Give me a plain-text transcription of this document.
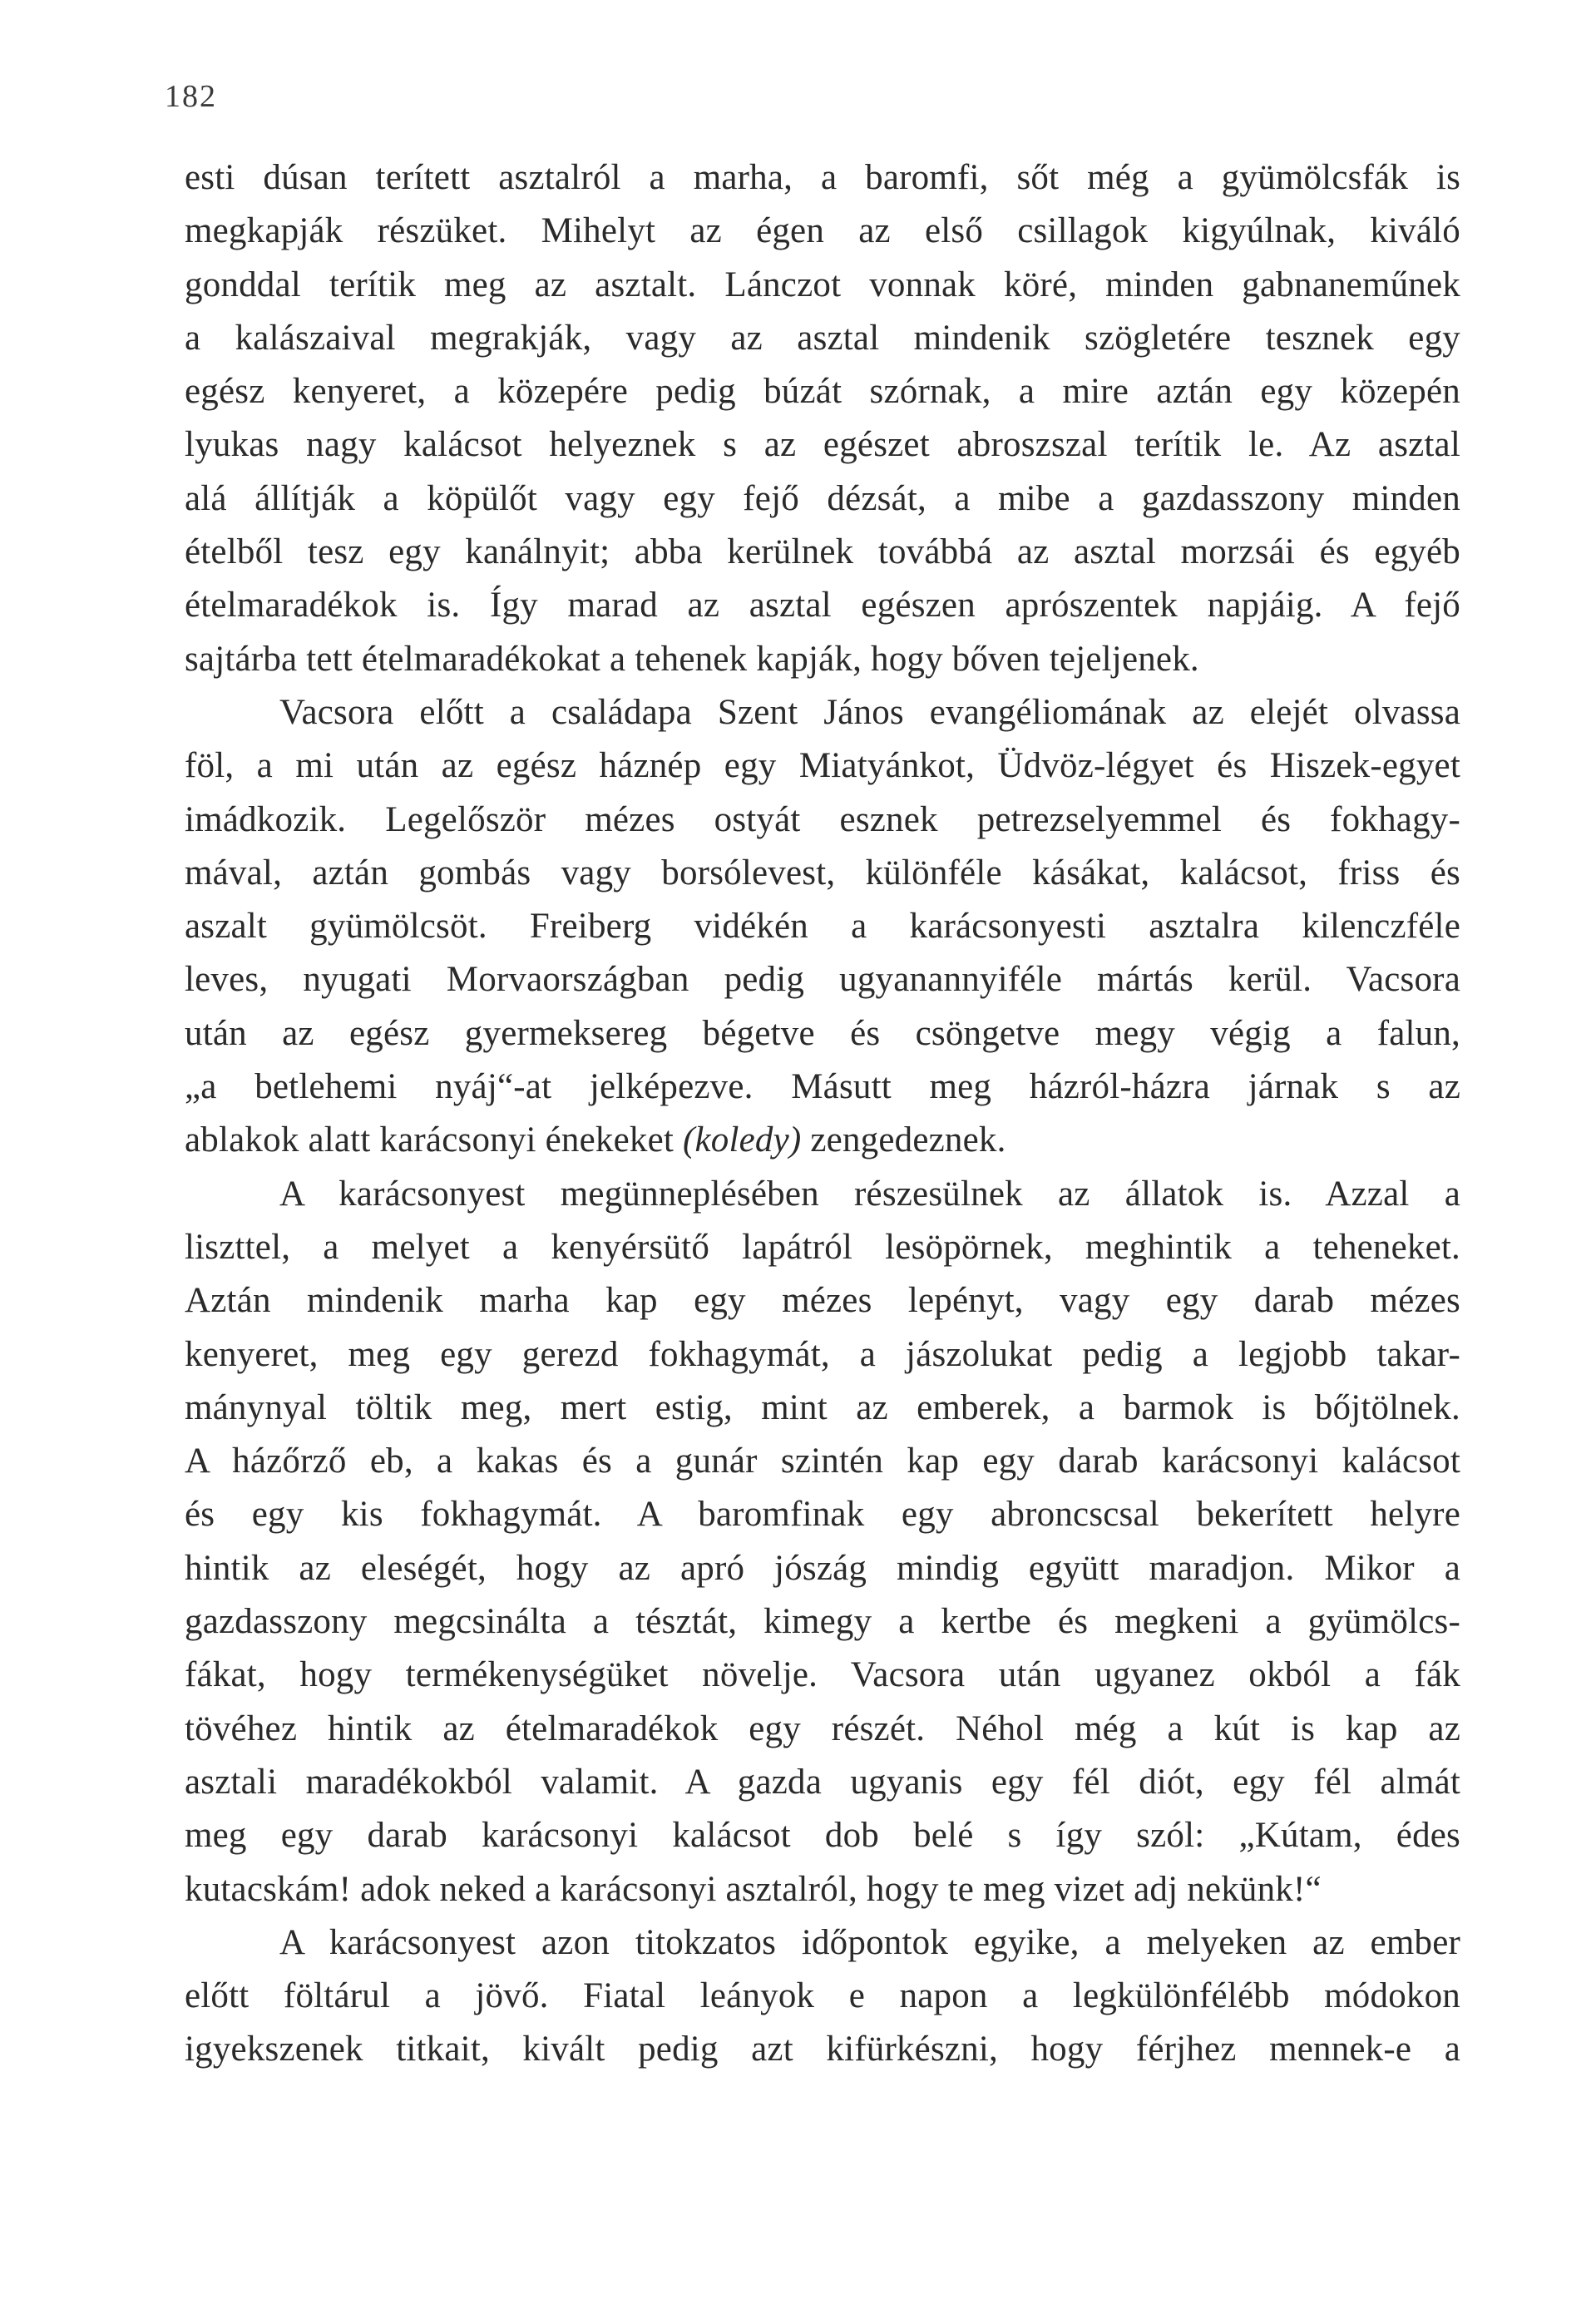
182
esti dúsan terített asztalról a marha, a baromfi, sőt még a gyümölcsfák is
megkapják részüket. Mihelyt az égen az első csillagok kigyúlnak, kiváló
gonddal terítik meg az asztalt. Lánczot vonnak köré, minden gabnaneműnek
a kalászaival megrakják, vagy az asztal mindenik szögletére tesznek egy
egész kenyeret, a közepére pedig búzát szórnak, a mire aztán egy közepén
lyukas nagy kalácsot helyeznek s az egészet abroszszal terítik le. Az asztal
alá állítják a köpülőt vagy egy fejő dézsát, a mibe a gazdasszony minden
ételből tesz egy kanálnyit; abba kerülnek továbbá az asztal morzsái és egyéb
ételmaradékok is. Így marad az asztal egészen aprószentek napjáig. A fejő
sajtárba tett ételmaradékokat a tehenek kapják, hogy bőven tejeljenek.
Vacsora előtt a családapa Szent János evangéliomának az elejét olvassa
föl, a mi után az egész háznép egy Miatyánkot, Üdvöz-légyet és Hiszek-egyet
imádkozik. Legelőször mézes ostyát esznek petrezselyemmel és fokhagy-
mával, aztán gombás vagy borsólevest, különféle kásákat, kalácsot, friss és
aszalt gyümölcsöt. Freiberg vidékén a karácsonyesti asztalra kilenczféle
leves, nyugati Morvaországban pedig ugyanannyiféle mártás kerül. Vacsora
után az egész gyermeksereg bégetve és csöngetve megy végig a falun,
„a betlehemi nyáj“-at jelképezve. Másutt meg házról-házra járnak s az
ablakok alatt karácsonyi énekeket (koledy) zengedeznek.
A karácsonyest megünneplésében részesülnek az állatok is. Azzal a
liszttel, a melyet a kenyérsütő lapátról lesöpörnek, meghintik a teheneket.
Aztán mindenik marha kap egy mézes lepényt, vagy egy darab mézes
kenyeret, meg egy gerezd fokhagymát, a jászolukat pedig a legjobb takar-
mánynyal töltik meg, mert estig, mint az emberek, a barmok is bőjtölnek.
A házőrző eb, a kakas és a gunár szintén kap egy darab karácsonyi kalácsot
és egy kis fokhagymát. A baromfinak egy abroncscsal bekerített helyre
hintik az eleségét, hogy az apró jószág mindig együtt maradjon. Mikor a
gazdasszony megcsinálta a tésztát, kimegy a kertbe és megkeni a gyümölcs-
fákat, hogy termékenységüket növelje. Vacsora után ugyanez okból a fák
tövéhez hintik az ételmaradékok egy részét. Néhol még a kút is kap az
asztali maradékokból valamit. A gazda ugyanis egy fél diót, egy fél almát
meg egy darab karácsonyi kalácsot dob belé s így szól: „Kútam, édes
kutacskám! adok neked a karácsonyi asztalról, hogy te meg vizet adj nekünk!“
A karácsonyest azon titokzatos időpontok egyike, a melyeken az ember
előtt föltárul a jövő. Fiatal leányok e napon a legkülönfélébb módokon
igyekszenek titkait, kivált pedig azt kifürkészni, hogy férjhez mennek-e a
